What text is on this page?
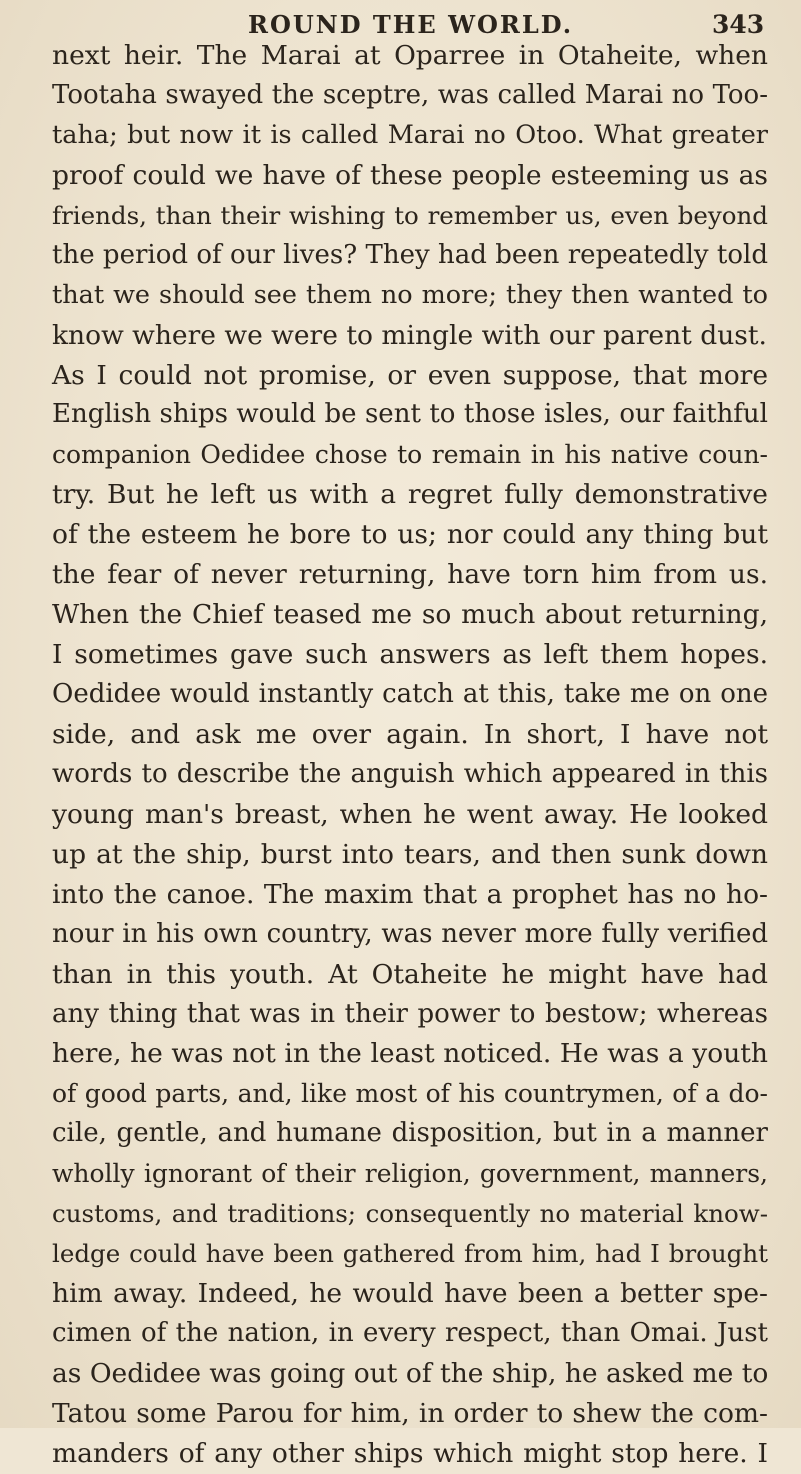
ROUND THE WORLD.	343
next heir. The Marai at Oparree in Otaheite, when
Tootaha swayed the sceptre, was called Marai no Too-
taha; but now it is called Marai no Otoo. What greater
proof could we have of these people esteeming us as
friends, than their wishing to remember us, even beyond
the period of our lives? They had been repeatedly told
that we should see them no more; they then wanted to
know where we were to mingle with our parent dust.
As I could not promise, or even suppose, that more
English ships would be sent to those isles, our faithful
companion Oedidee chose to remain in his native coun-
try. But he left us with a regret fully demonstrative
of the esteem he bore to us; nor could any thing but
the fear of never returning, have torn him from us.
When the Chief teased me so much about returning,
I sometimes gave such answers as left them hopes.
Oedidee would instantly catch at this, take me on one
side, and ask me over again. In short, I have not
words to describe the anguish which appeared in this
young man's breast, when he went away. He looked
up at the ship, burst into tears, and then sunk down
into the canoe. The maxim that a prophet has no ho-
nour in his own country, was never more fully verified
than in this youth. At Otaheite he might have had
any thing that was in their power to bestow; whereas
here, he was not in the least noticed. He was a youth
of good parts, and, like most of his countrymen, of a do-
cile, gentle, and humane disposition, but in a manner
wholly ignorant of their religion, government, manners,
customs, and traditions; consequently no material know-
ledge could have been gathered from him, had I brought
him away. Indeed, he would have been a better spe-
cimen of the nation, in every respect, than Omai. Just
as Oedidee was going out of the ship, he asked me to
Tatou some Parou for him, in order to shew the com-
manders of any other ships which might stop here. I
